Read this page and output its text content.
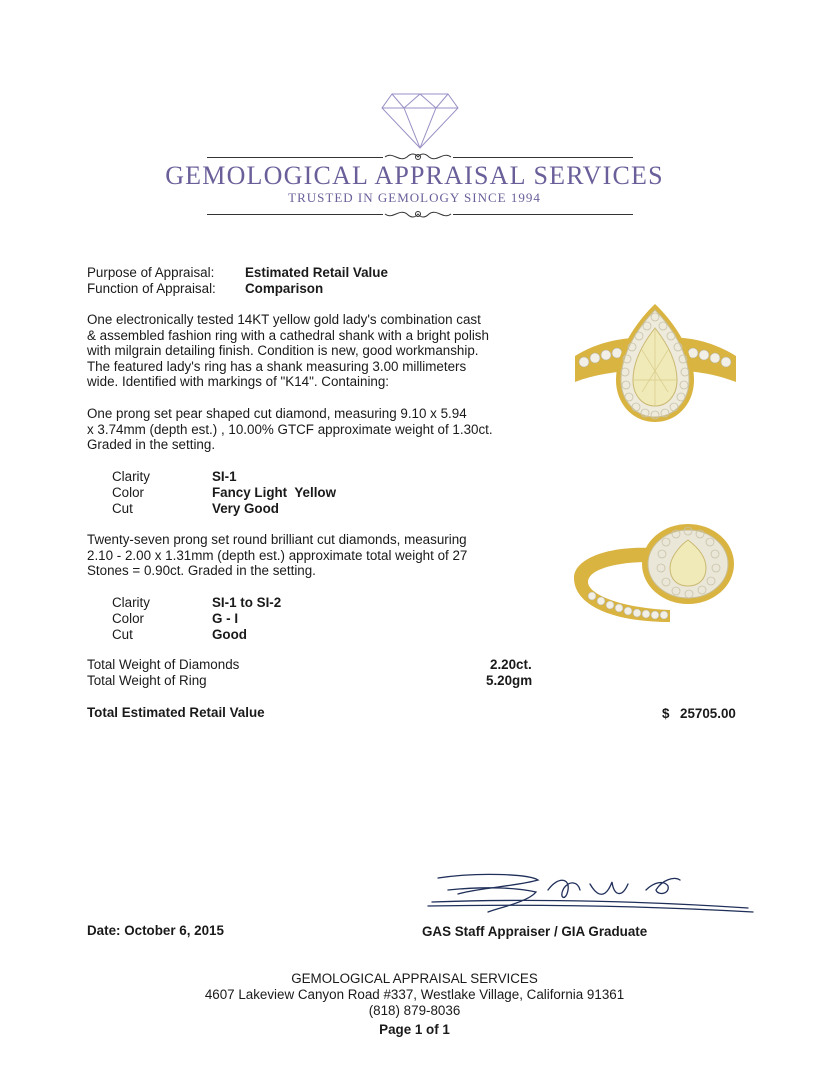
GEMOLOGICAL APPRAISAL SERVICES
TRUSTED IN GEMOLOGY SINCE 1994
Purpose of Appraisal: Estimated Retail Value
Function of Appraisal: Comparison
One electronically tested 14KT yellow gold lady's combination cast
& assembled fashion ring with a cathedral shank with a bright polish
with milgrain detailing finish. Condition is new, good workmanship.
The featured lady's ring has a shank measuring 3.00 millimeters
wide. Identified with markings of "K14". Containing:
One prong set pear shaped cut diamond, measuring 9.10 x 5.94
x 3.74mm (depth est.) , 10.00% GTCF approximate weight of 1.30ct.
Graded in the setting.
Clarity	SI-1
Color	Fancy Light  Yellow
Cut	Very Good
Twenty-seven prong set round brilliant cut diamonds, measuring
2.10 - 2.00 x 1.31mm (depth est.) approximate total weight of 27
Stones = 0.90ct. Graded in the setting.
Clarity	SI-1 to SI-2
Color	G - I
Cut	Good
Total Weight of Diamonds	2.20ct.
Total Weight of Ring	5.20gm
Total Estimated Retail Value	$ 25705.00
Date: October 6, 2015	GAS Staff Appraiser / GIA Graduate
GEMOLOGICAL APPRAISAL SERVICES
4607 Lakeview Canyon Road #337, Westlake Village, California 91361
(818) 879-8036
Page 1 of 1
